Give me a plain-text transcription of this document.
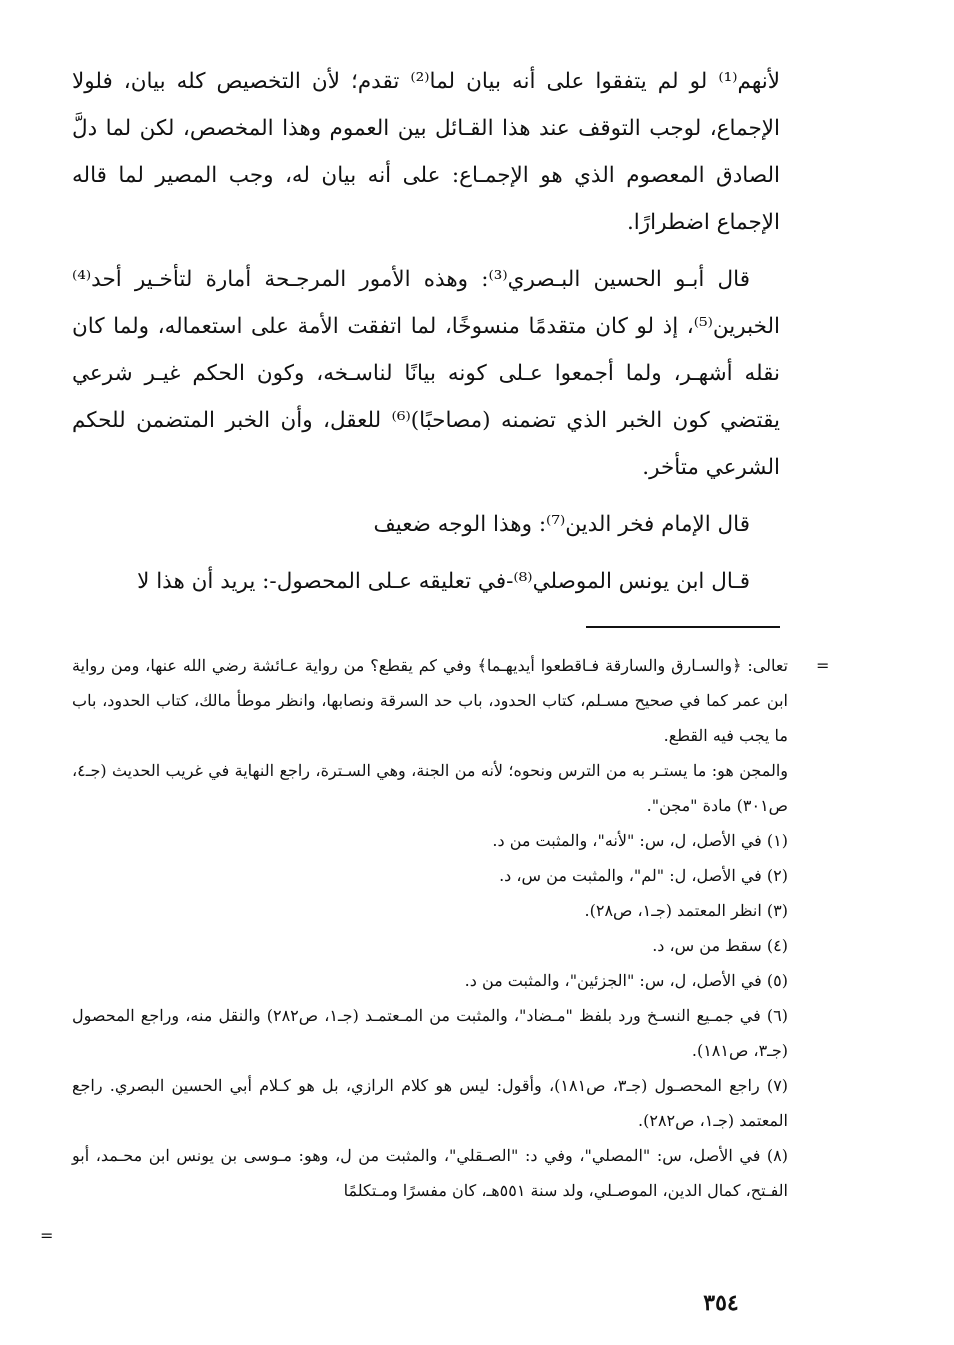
لأنهم⁽¹⁾ لو لم يتفقوا على أنه بيان لما⁽²⁾ تقدم؛ لأن التخصيص كله بيان، فلولا الإجماع، لوجب التوقف عند هذا القـائل بين العموم وهذا المخصص، لكن لما دلَّ الصادق المعصوم الذي هو الإجمـاع: على أنه بيان له، وجب المصير لما قاله الإجماع اضطرارًا.

قال أبـو الحسين البـصري⁽³⁾: وهذه الأمور المرجـحة أمارة لتأخـير أحد⁽⁴⁾ الخبرين⁽⁵⁾، إذ لو كان متقدمًا منسوخًا، لما اتفقت الأمة على استعماله، ولما كان نقله أشهـر، ولما أجمعوا عـلى كونه بيانًا لناسـخه، وكون الحكم غيـر شرعي يقتضي كون الخبر الذي تضمنه (مصاحبًا)⁽⁶⁾ للعقل، وأن الخبر المتضمن للحكم الشرعي متأخر.

قال الإمام فخر الدين⁽⁷⁾: وهذا الوجه ضعيف

قـال ابن يونس الموصلي⁽⁸⁾-في تعليقه عـلى المحصول-: يريد أن هذا لا

=

تعالى: ﴿والسـارق والسارقة فـاقطعوا أيديهـما﴾ وفي كم يقطع؟ من رواية عـائشة رضي الله عنها، ومن رواية ابن عمر كما في صحيح مسـلم، كتاب الحدود، باب حد السرقة ونصابها، وانظر موطأ مالك، كتاب الحدود، باب ما يجب فيه القطع.

والمجن هو: ما يستـر به من الترس ونحوه؛ لأنه من الجنة، وهي السـترة، راجع النهاية في غريب الحديث (جـ٤، ص٣٠١) مادة "مجن".

(١) في الأصل، ل، س: "لأنه"، والمثبت من د.

(٢) في الأصل، ل: "لم"، والمثبت من س، د.

(٣) انظر المعتمد (جـ١، ص٢٨).

(٤) سقط من س، د.

(٥) في الأصل، ل، س: "الجزئين"، والمثبت من د.

(٦) في جمـيع النسـخ ورد بلفظ "مـضاد"، والمثبت من المـعتمـد (جـ١، ص٢٨٢) والنقل منه، وراجع المحصول (جـ٣، ص١٨١).

(٧) راجع المحصـول (جـ٣، ص١٨١)، وأقول: ليس هو كلام الرازي، بل هو كـلام أبي الحسين البصري. راجع المعتمد (جـ١، ص٢٨٢).

(٨) في الأصل، س: "المصلي"، وفي د: "الصـقلي"، والمثبت من ل، وهو: مـوسى بن يونس ابن محـمد، أبو الفـتح، كمال الدين، الموصـلي، ولد سنة ٥٥١هـ، كان مفسرًا ومـتكلمًا

=
٣٥٤
